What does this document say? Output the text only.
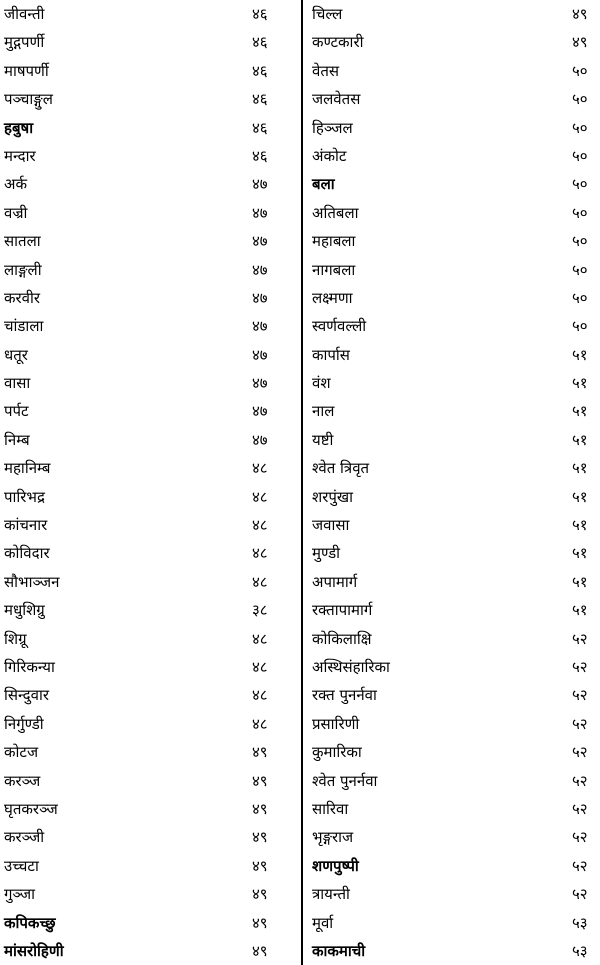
जीवन्ती	४६
मुद्गपर्णी	४६
माषपर्णी	४६
पञ्चाङ्गुल	४६
हबुषा	४६
मन्दार	४६
अर्क	४७
वज्री	४७
सातला	४७
लाङ्गली	४७
करवीर	४७
चांडाला	४७
धतूर	४७
वासा	४७
पर्पट	४७
निम्ब	४७
महानिम्ब	४८
पारिभद्र	४८
कांचनार	४८
कोविदार	४८
सौभाञ्जन	४८
मधुशिग्रु	३८
शिग्रू	४८
गिरिकन्या	४८
सिन्दुवार	४८
निर्गुण्डी	४८
कोटज	४९
करञ्ज	४९
घृतकरञ्ज	४९
करञ्जी	४९
उच्चटा	४९
गुञ्जा	४९
कपिकच्छु	४९
मांसरोहिणी	४९
चिल्ल	४९
कण्टकारी	४९
वेतस	५०
जलवेतस	५०
हिञ्जल	५०
अंकोट	५०
बला	५०
अतिबला	५०
महाबला	५०
नागबला	५०
लक्ष्मणा	५०
स्वर्णवल्ली	५०
कार्पास	५१
वंश	५१
नाल	५१
यष्टी	५१
श्वेत त्रिवृत	५१
शरपुंखा	५१
जवासा	५१
मुण्डी	५१
अपामार्ग	५१
रक्तापामार्ग	५१
कोकिलाक्षि	५२
अस्थिसंहारिका	५२
रक्त पुनर्नवा	५२
प्रसारिणी	५२
कुमारिका	५२
श्वेत पुनर्नवा	५२
सारिवा	५२
भृङ्गराज	५२
शणपुष्पी	५२
त्रायन्ती	५२
मूर्वा	५३
काकमाची	५३
